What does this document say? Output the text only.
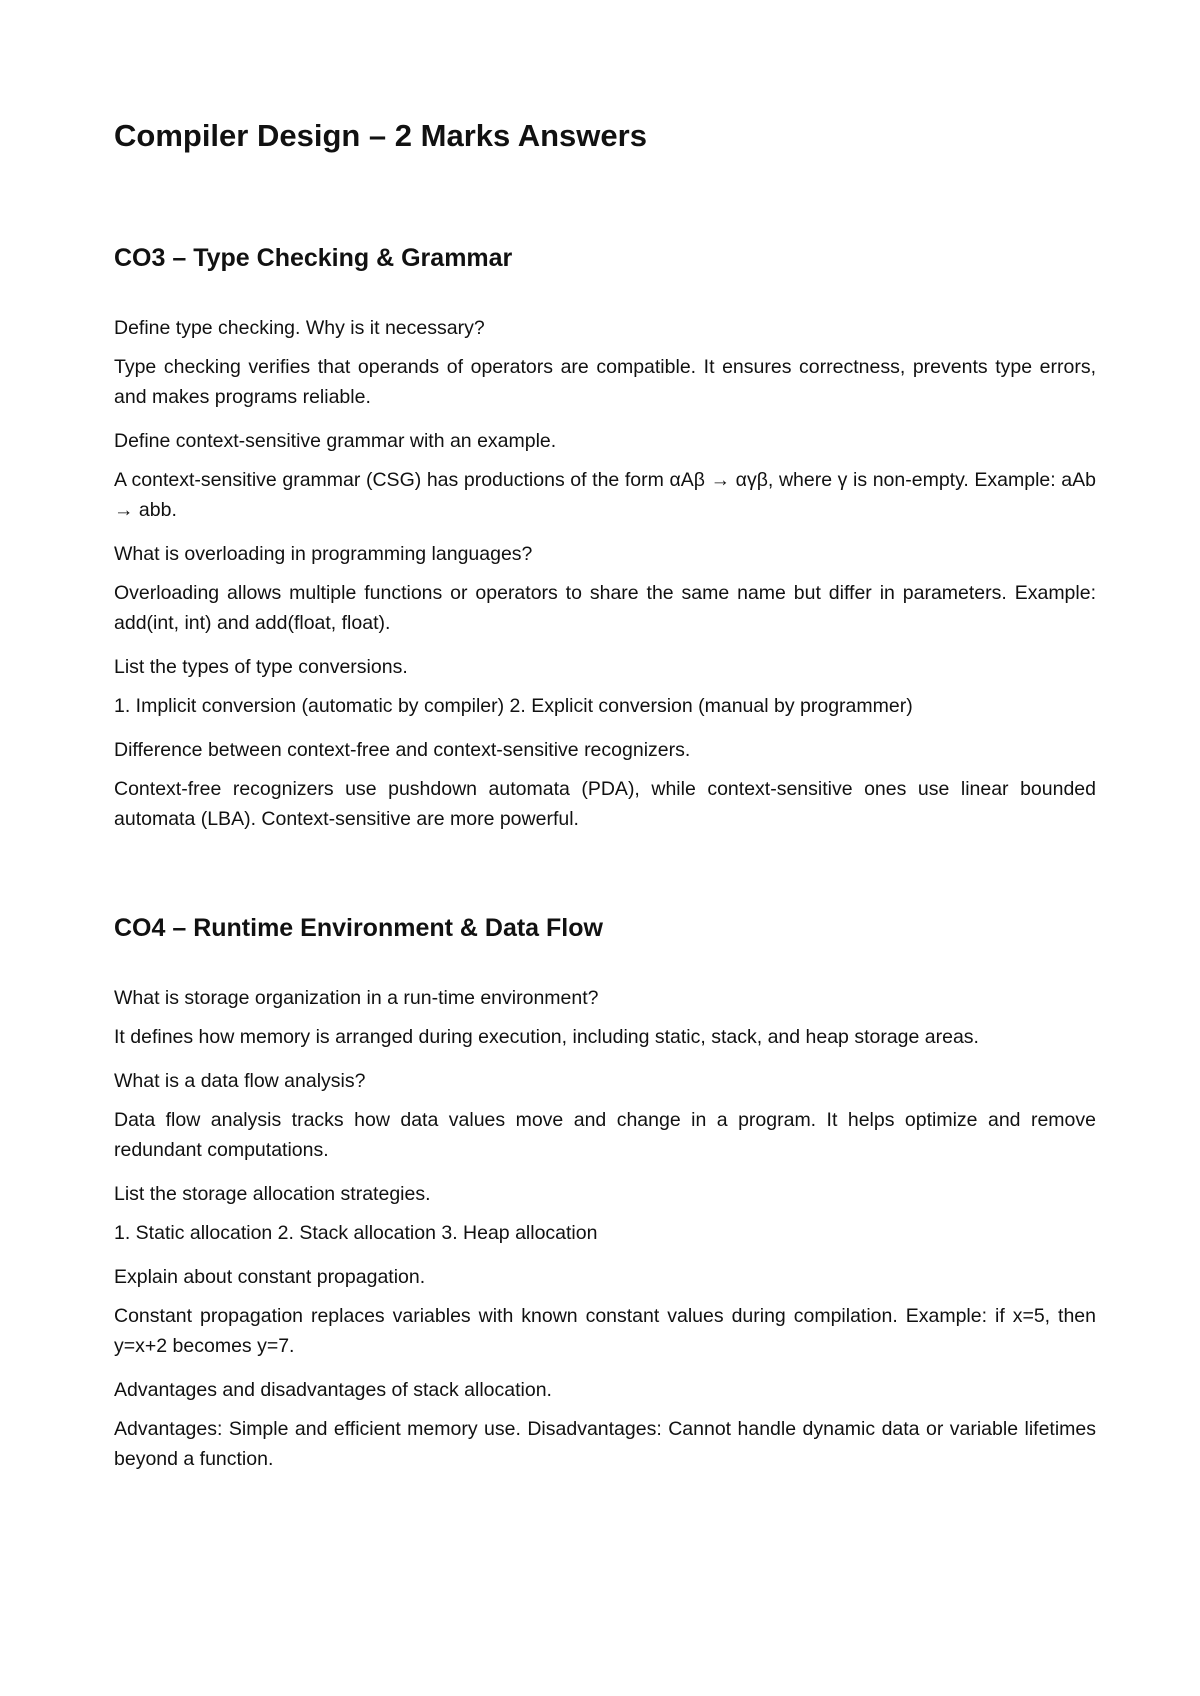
Compiler Design – 2 Marks Answers
CO3 – Type Checking & Grammar

Define type checking. Why is it necessary?

Type checking verifies that operands of operators are compatible. It ensures correctness, prevents type errors, and makes programs reliable.

Define context-sensitive grammar with an example.

A context-sensitive grammar (CSG) has productions of the form αAβ → αγβ, where γ is non-empty. Example: aAb → abb.

What is overloading in programming languages?

Overloading allows multiple functions or operators to share the same name but differ in parameters. Example: add(int, int) and add(float, float).

List the types of type conversions.

1. Implicit conversion (automatic by compiler) 2. Explicit conversion (manual by programmer)

Difference between context-free and context-sensitive recognizers.

Context-free recognizers use pushdown automata (PDA), while context-sensitive ones use linear bounded automata (LBA). Context-sensitive are more powerful.

CO4 – Runtime Environment & Data Flow

What is storage organization in a run-time environment?

It defines how memory is arranged during execution, including static, stack, and heap storage areas.

What is a data flow analysis?

Data flow analysis tracks how data values move and change in a program. It helps optimize and remove redundant computations.

List the storage allocation strategies.

1. Static allocation 2. Stack allocation 3. Heap allocation

Explain about constant propagation.

Constant propagation replaces variables with known constant values during compilation. Example: if x=5, then y=x+2 becomes y=7.

Advantages and disadvantages of stack allocation.

Advantages: Simple and efficient memory use. Disadvantages: Cannot handle dynamic data or variable lifetimes beyond a function.
